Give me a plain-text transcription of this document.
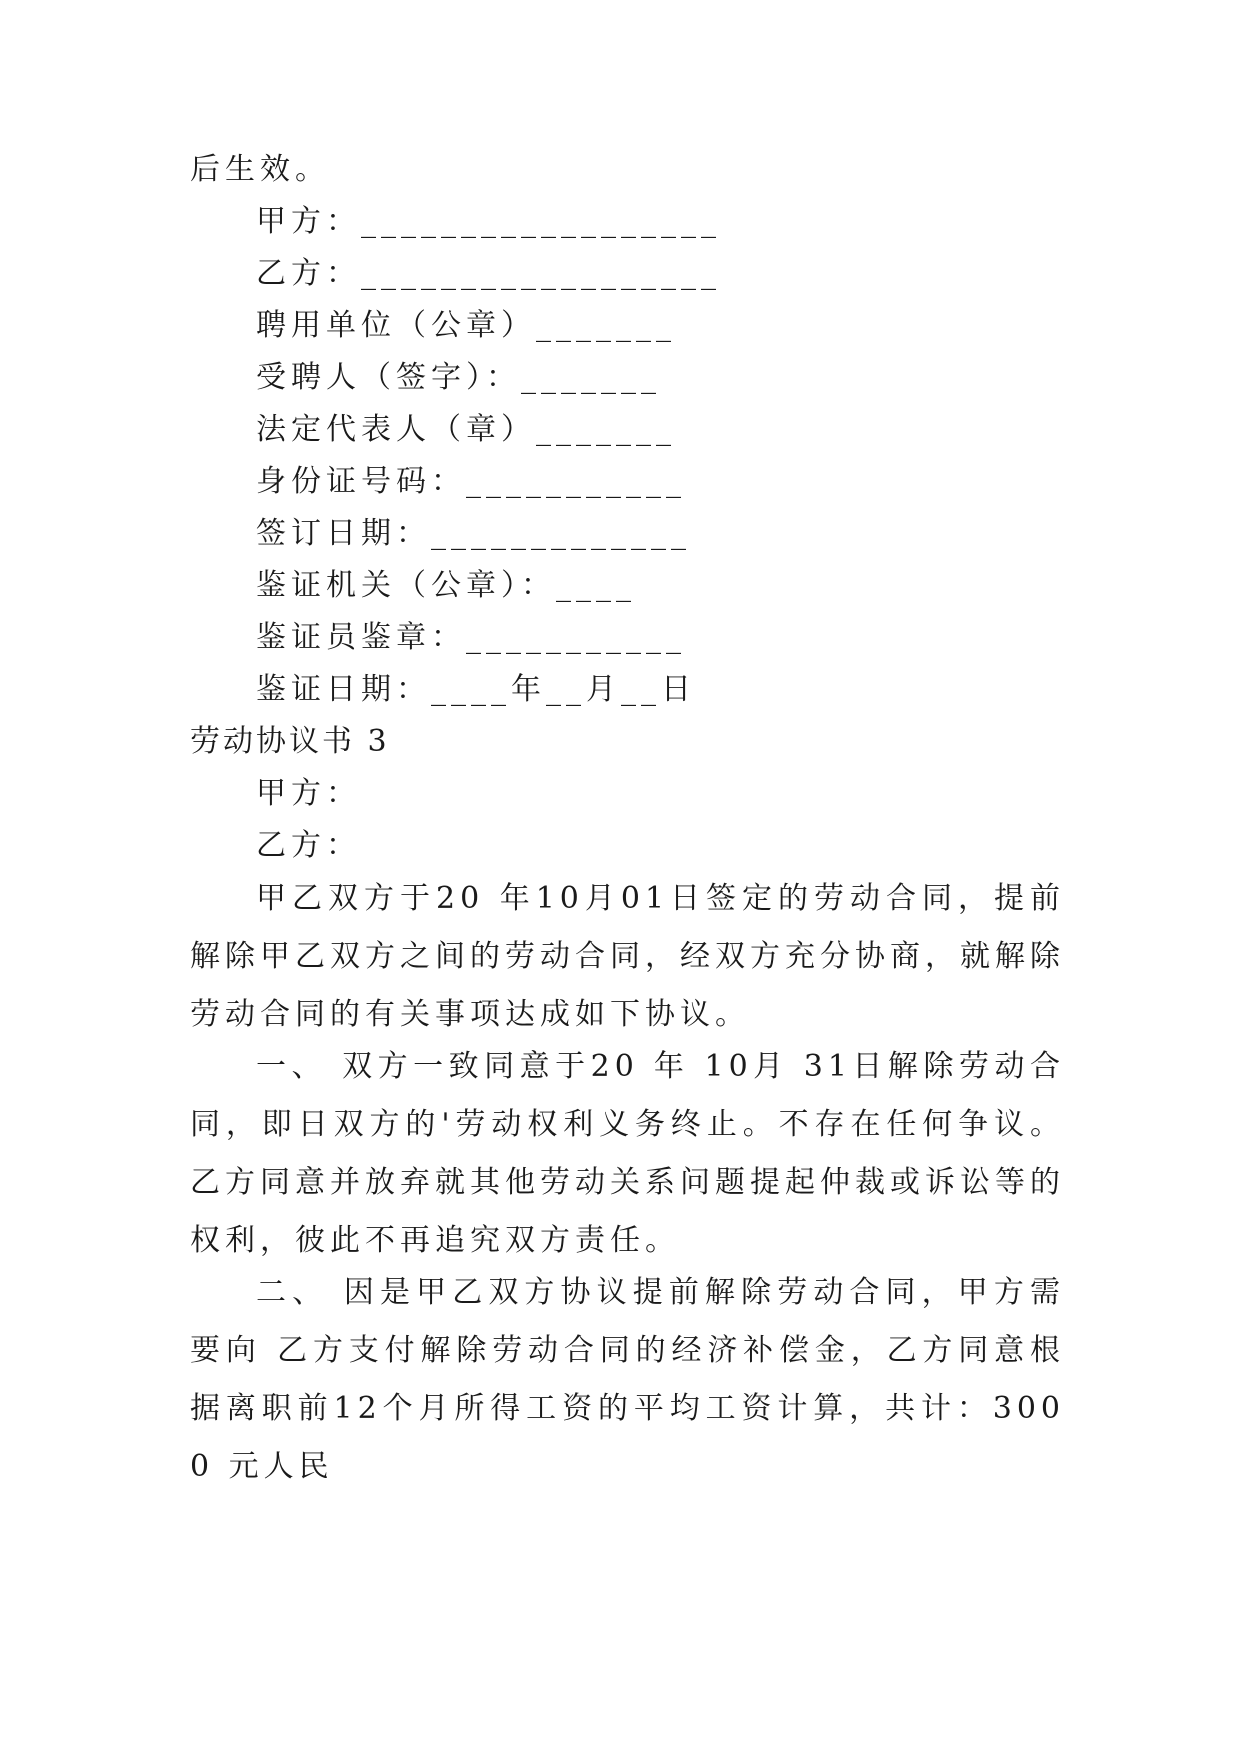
后生效。
甲方：__________________
乙方：__________________
聘用单位（公章）_______
受聘人（签字）：_______
法定代表人（章）_______
身份证号码：___________
签订日期：_____________
鉴证机关（公章）：____
鉴证员鉴章：___________
鉴证日期：____年__月__日
劳动协议书 3
甲方：
乙方：
甲乙双方于20 年10月01日签定的劳动合同，提前解除甲乙双方之间的劳动合同，经双方充分协商，就解除劳动合同的有关事项达成如下协议。
一、 双方一致同意于20 年 10月 31日解除劳动合同，即日双方的'劳动权利义务终止。不存在任何争议。乙方同意并放弃就其他劳动关系问题提起仲裁或诉讼等的权利，彼此不再追究双方责任。
二、 因是甲乙双方协议提前解除劳动合同，甲方需要向 乙方支付解除劳动合同的经济补偿金，乙方同意根据离职前12个月所得工资的平均工资计算，共计：3000 元人民
